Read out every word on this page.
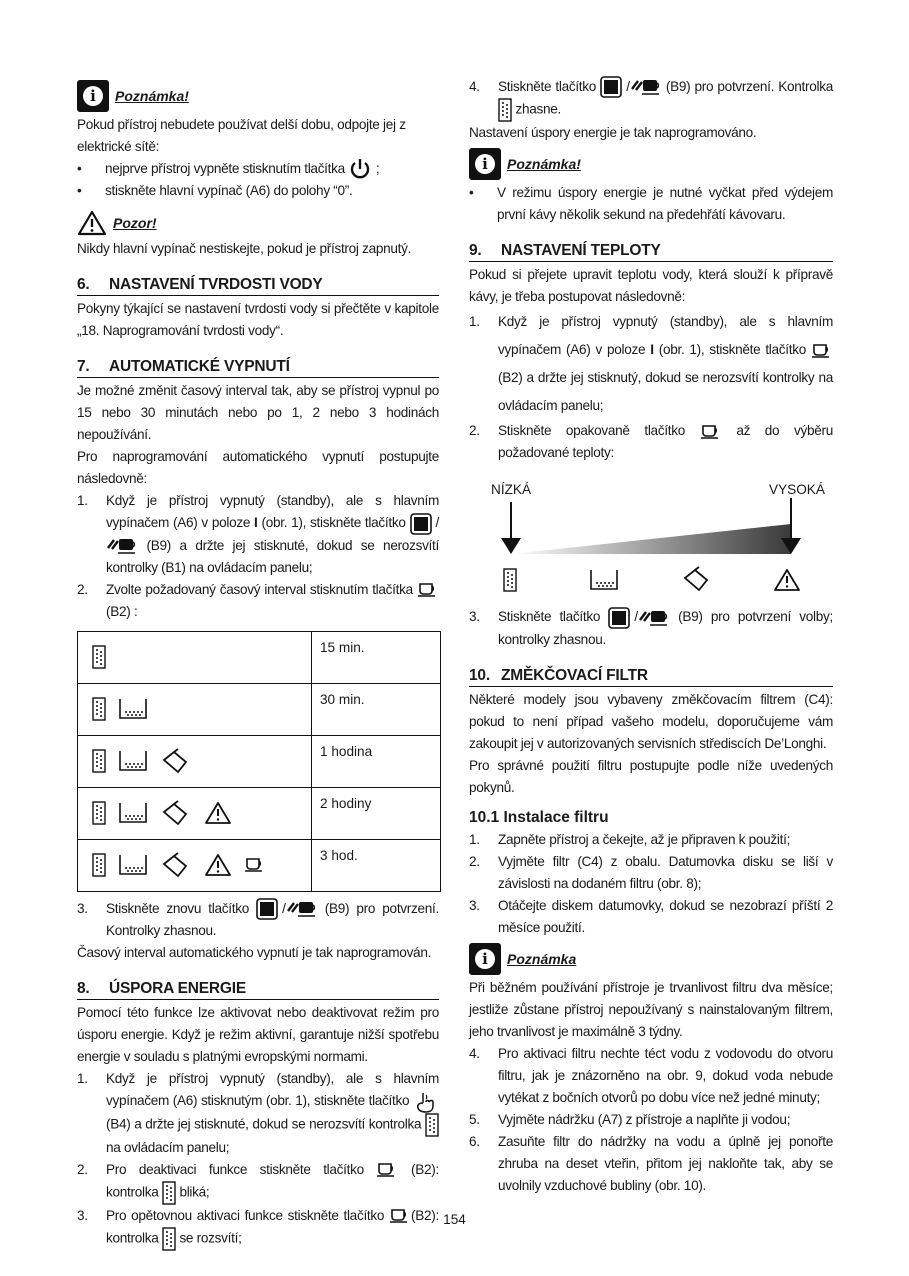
i	Poznámka!

Pokud přístroj nebudete používat delší dobu, odpojte jej z elektrické sítě:

•	nejprve přístroj vypněte stisknutím tlačítka ;
•	stiskněte hlavní vypínač (A6) do polohy “0”.
Pozor!

Nikdy hlavní vypínač nestiskejte, pokud je přístroj zapnutý.

6.	NASTAVENÍ TVRDOSTI VODY

Pokyny týkající se nastavení tvrdosti vody si přečtěte v kapitole „18. Naprogramování tvrdosti vody“.

7.	AUTOMATICKÉ VYPNUTÍ

Je možné změnit časový interval tak, aby se přístroj vypnul po 15 nebo 30 minutách nebo po 1, 2 nebo 3 hodinách nepoužívání.

Pro naprogramování automatického vypnutí postupujte následovně:

1.	Když je přístroj vypnutý (standby), ale s hlavním vypínačem (A6) v poloze I (obr. 1), stiskněte tlačítko / (B9) a držte jej stisknuté, dokud se nerozsvítí kontrolky (B1) na ovládacím panelu;
2.	Zvolte požadovaný časový interval stisknutím tlačítka  (B2) :
	15 min.
	30 min.
	1 hodina
	2 hodiny
	3 hod.
3.	Stiskněte znovu tlačítko /	(B9) pro potvrzení. Kontrolky zhasnou.

Časový interval automatického vypnutí je tak naprogramován.

8.	ÚSPORA ENERGIE

Pomocí této funkce lze aktivovat nebo deaktivovat režim pro úsporu energie. Když je režim aktivní, garantuje nižší spotřebu energie v souladu s platnými evropskými normami.

1.	Když je přístroj vypnutý (standby), ale s hlavním vypínačem (A6) stisknutým (obr. 1), stiskněte tlačítko  (B4) a držte jej stisknuté, dokud se nerozsvítí kontrolka  na ovládacím panelu;
2.	Pro deaktivaci funkce stiskněte tlačítko	(B2): kontrolka bliká;
3.	Pro opětovnou aktivaci funkce stiskněte tlačítko (B2): kontrolka se rozsvítí;
4.	Stiskněte tlačítko /	(B9) pro potvrzení. Kontrolka  zhasne.

Nastavení úspory energie je tak naprogramováno.

i	Poznámka!
•	V režimu úspory energie je nutné vyčkat před výdejem první kávy několik sekund na předehřátí kávovaru.
9.	NASTAVENÍ TEPLOTY

Pokud si přejete upravit teplotu vody, která slouží k přípravě kávy, je třeba postupovat následovně:

1.	Když je přístroj vypnutý (standby), ale s hlavním vypínačem (A6) v poloze I (obr. 1), stiskněte tlačítko (B2) a držte jej stisknutý, dokud se nerozsvítí kontrolky na ovládacím panelu;
2.	Stiskněte opakovaně tlačítko	až do výběru požadované teploty:
NÍZKÁ	VYSOKÁ
3.	Stiskněte tlačítko	/	(B9) pro potvrzení volby; kontrolky zhasnou.
10. ZMĚKČOVACÍ FILTR

Některé modely jsou vybaveny změkčovacím filtrem (C4): pokud to není případ vašeho modelu, doporučujeme vám zakoupit jej v autorizovaných servisních střediscích De’Longhi.

Pro správné použití filtru postupujte podle níže uvedených pokynů.

10.1 Instalace filtru
1.	Zapněte přístroj a čekejte, až je připraven k použití;
2.	Vyjměte filtr (C4) z obalu. Datumovka disku se liší v závislosti na dodaném filtru (obr. 8);
3.	Otáčejte diskem datumovky, dokud se nezobrazí příští 2 měsíce použití.
i	Poznámka

Při běžném používání přístroje je trvanlivost filtru dva měsíce; jestliže zůstane přístroj nepoužívaný s nainstalovaným filtrem, jeho trvanlivost je maximálně 3 týdny.

4.	Pro aktivaci filtru nechte téct vodu z vodovodu do otvoru filtru, jak je znázorněno na obr. 9, dokud voda nebude vytékat z bočních otvorů po dobu více než jedné minuty;
5.	Vyjměte nádržku (A7) z přístroje a naplňte ji vodou;
6.	Zasuňte filtr do nádržky na vodu a úplně jej ponořte zhruba na deset vteřin, přitom jej nakloňte tak, aby se uvolnily vzduchové bubliny (obr. 10).
154
